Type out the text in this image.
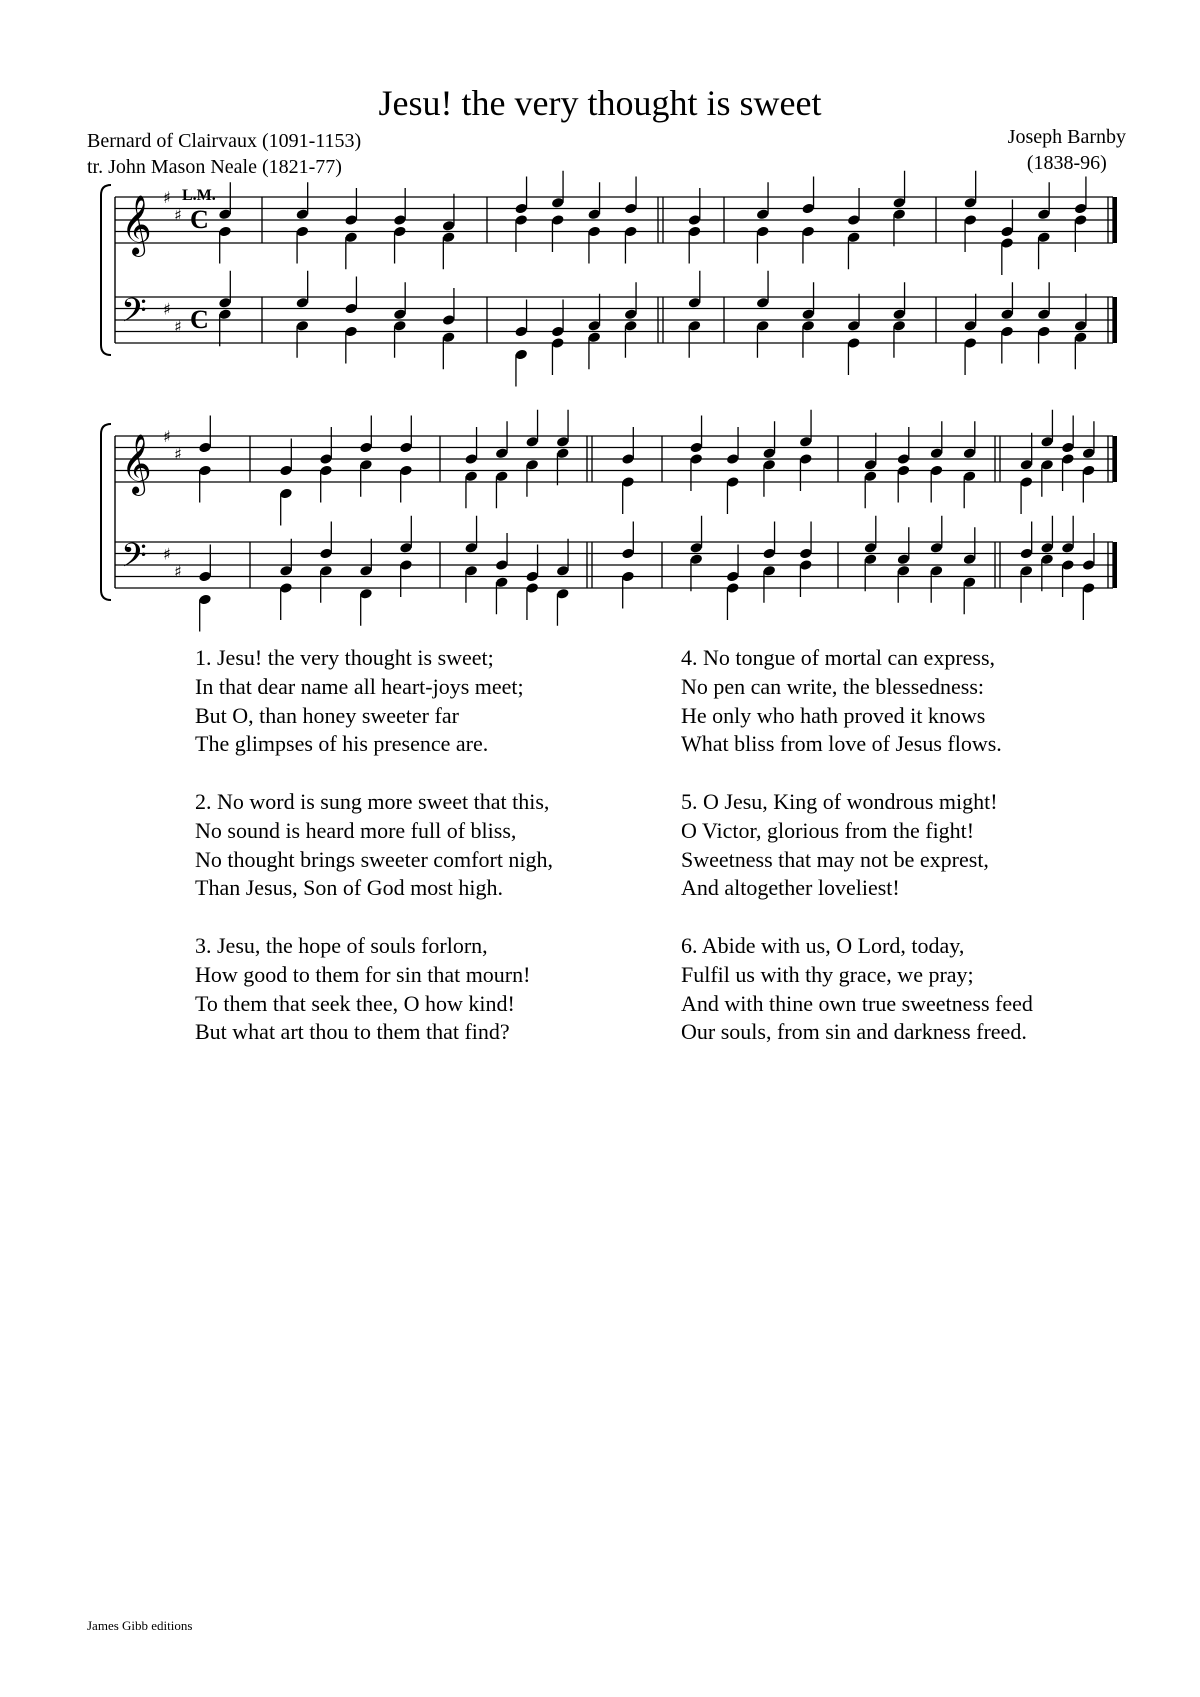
Jesu! the very thought is sweet
Bernard of Clairvaux (1091-1153)
tr. John Mason Neale (1821-77)
Joseph Barnby
(1838-96)
𝄞 ♯
♯ C
𝄢 ♯
♯ C
𝄞 ♯
♯
𝄢 ♯
♯
L.M.
1. Jesu! the very thought is sweet;
In that dear name all heart-joys meet;
But O, than honey sweeter far
The glimpses of his presence are.
2. No word is sung more sweet that this,
No sound is heard more full of bliss,
No thought brings sweeter comfort nigh,
Than Jesus, Son of God most high.
3. Jesu, the hope of souls forlorn,
How good to them for sin that mourn!
To them that seek thee, O how kind!
But what art thou to them that find?
4. No tongue of mortal can express,
No pen can write, the blessedness:
He only who hath proved it knows
What bliss from love of Jesus flows.
5. O Jesu, King of wondrous might!
O Victor, glorious from the fight!
Sweetness that may not be exprest,
And altogether loveliest!
6. Abide with us, O Lord, today,
Fulfil us with thy grace, we pray;
And with thine own true sweetness feed
Our souls, from sin and darkness freed.
James Gibb editions
